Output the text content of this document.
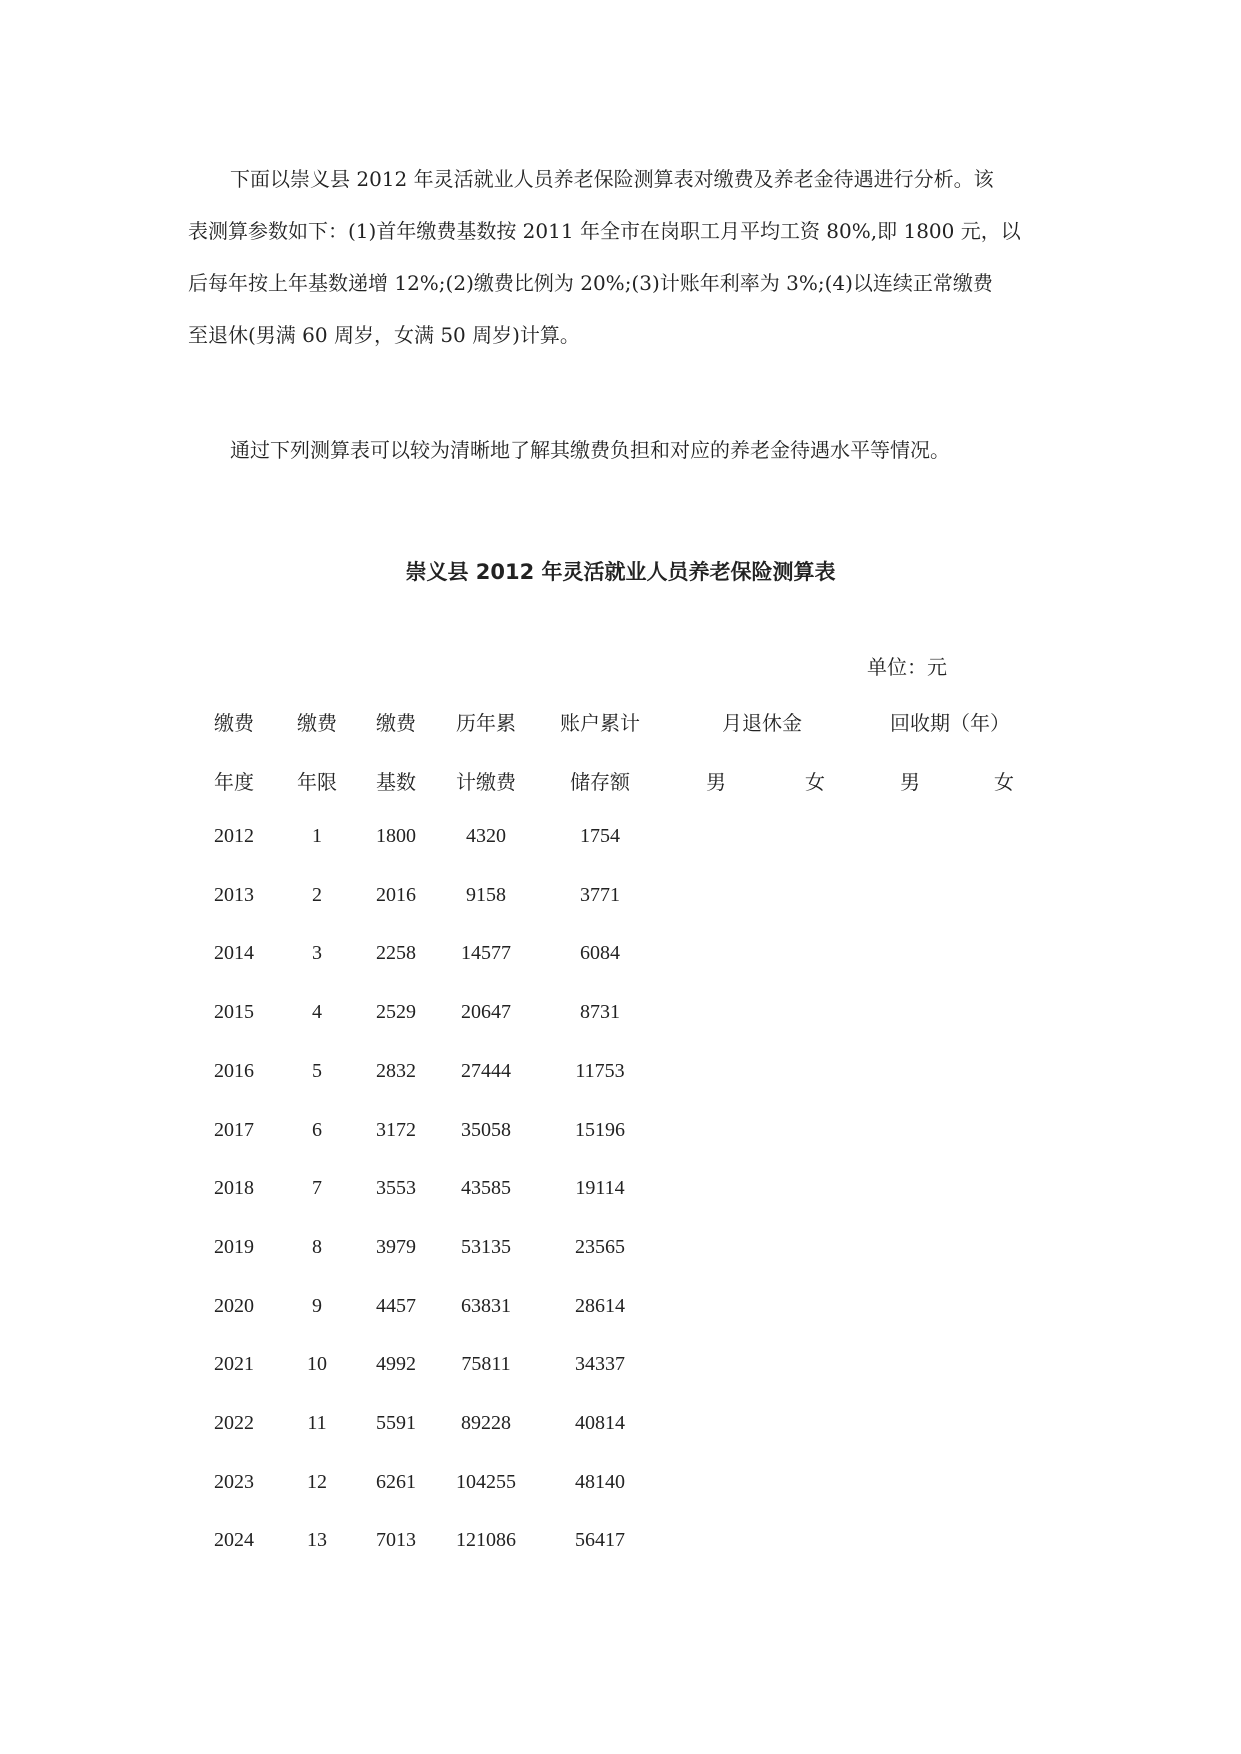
下面以崇义县 2012 年灵活就业人员养老保险测算表对缴费及养老金待遇进行分析。该
表测算参数如下：(1)首年缴费基数按 2011 年全市在岗职工月平均工资 80%,即 1800 元，以
后每年按上年基数递增 12%;(2)缴费比例为 20%;(3)计账年利率为 3%;(4)以连续正常缴费
至退休(男满 60 周岁，女满 50 周岁)计算。
通过下列测算表可以较为清晰地了解其缴费负担和对应的养老金待遇水平等情况。
崇义县 2012 年灵活就业人员养老保险测算表
单位：元
缴费 缴费 缴费 历年累 账户累计	月退休金	回收期（年）
年度 年限 基数 计缴费	储存额	男	女	男	女
2012	1	1800	4320	1754
2013	2	2016	9158	3771
2014	3	2258 14577	6084
2015	4	2529 20647	8731
2016	5	2832 27444	11753
2017	6	3172 35058	15196
2018	7	3553 43585	19114
2019	8	3979 53135	23565
2020	9	4457 63831	28614
2021	10 4992 75811	34337
2022	11 5591 89228	40814
2023	12 6261 104255	48140
2024	13 7013 121086	56417
